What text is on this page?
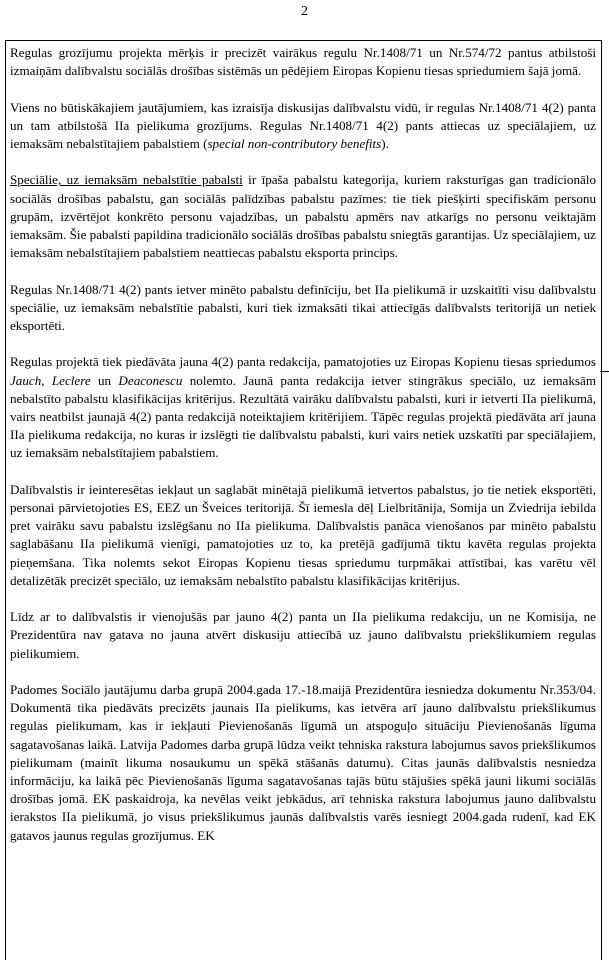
2

Regulas grozījumu projekta mērķis ir precizēt vairākus regulu Nr.1408/71 un Nr.574/72 pantus atbilstoši izmaiņām dalībvalstu sociālās drošības sistēmās un pēdējiem Eiropas Kopienu tiesas spriedumiem šajā jomā.

Viens no būtiskākajiem jautājumiem, kas izraisīja diskusijas dalībvalstu vidū, ir regulas Nr.1408/71 4(2) panta un tam atbilstošā IIa pielikuma grozījums. Regulas Nr.1408/71 4(2) pants attiecas uz speciālajiem, uz iemaksām nebalstītajiem pabalstiem (special non-contributory benefits).

Speciālie, uz iemaksām nebalstītie pabalsti ir īpaša pabalstu kategorija, kuriem raksturīgas gan tradicionālo sociālās drošības pabalstu, gan sociālās palīdzības pabalstu pazīmes: tie tiek piešķirti specifiskām personu grupām, izvērtējot konkrēto personu vajadzības, un pabalstu apmērs nav atkarīgs no personu veiktajām iemaksām. Šie pabalsti papildina tradicionālo sociālās drošības pabalstu sniegtās garantijas. Uz speciālajiem, uz iemaksām nebalstītajiem pabalstiem neattiecas pabalstu eksporta princips.

Regulas Nr.1408/71 4(2) pants ietver minēto pabalstu definīciju, bet IIa pielikumā ir uzskaitīti visu dalībvalstu speciālie, uz iemaksām nebalstītie pabalsti, kuri tiek izmaksāti tikai attiecīgās dalībvalsts teritorijā un netiek eksportēti.

Regulas projektā tiek piedāvāta jauna 4(2) panta redakcija, pamatojoties uz Eiropas Kopienu tiesas spriedumos Jauch, Leclere un Deaconescu nolemto. Jaunā panta redakcija ietver stingrākus speciālo, uz iemaksām nebalstīto pabalstu klasifikācijas kritērijus. Rezultātā vairāku dalībvalstu pabalsti, kuri ir ietverti IIa pielikumā, vairs neatbilst jaunajā 4(2) panta redakcijā noteiktajiem kritērijiem. Tāpēc regulas projektā piedāvāta arī jauna IIa pielikuma redakcija, no kuras ir izslēgti tie dalībvalstu pabalsti, kuri vairs netiek uzskatīti par speciālajiem, uz iemaksām nebalstītajiem pabalstiem.

Dalībvalstis ir ieinteresētas iekļaut un saglabāt minētajā pielikumā ietvertos pabalstus, jo tie netiek eksportēti, personai pārvietojoties ES, EEZ un Šveices teritorijā. Šī iemesla dēļ Lielbritānija, Somija un Zviedrija iebilda pret vairāku savu pabalstu izslēgšanu no IIa pielikuma. Dalībvalstis panāca vienošanos par minēto pabalstu saglabāšanu IIa pielikumā vienīgi, pamatojoties uz to, ka pretējā gadījumā tiktu kavēta regulas projekta pieņemšana. Tika nolemts sekot Eiropas Kopienu tiesas spriedumu turpmākai attīstībai, kas varētu vēl detalizētāk precizēt speciālo, uz iemaksām nebalstīto pabalstu klasifikācijas kritērijus.

Līdz ar to dalībvalstis ir vienojušās par jauno 4(2) panta un IIa pielikuma redakciju, un ne Komisija, ne Prezidentūra nav gatava no jauna atvērt diskusiju attiecībā uz jauno dalībvalstu priekšlikumiem regulas pielikumiem.

Padomes Sociālo jautājumu darba grupā 2004.gada 17.-18.maijā Prezidentūra iesniedza dokumentu Nr.353/04. Dokumentā tika piedāvāts precizēts jaunais IIa pielikums, kas ietvēra arī jauno dalībvalstu priekšlikumus regulas pielikumam, kas ir iekļauti Pievienošanās līgumā un atspoguļo situāciju Pievienošanās līguma sagatavošanas laikā. Latvija Padomes darba grupā lūdza veikt tehniska rakstura labojumus savos priekšlikumos pielikumam (mainīt likuma nosaukumu un spēkā stāšanās datumu). Citas jaunās dalībvalstis nesniedza informāciju, ka laikā pēc Pievienošanās līguma sagatavošanas tajās būtu stājušies spēkā jauni likumi sociālās drošības jomā. EK paskaidroja, ka nevēlas veikt jebkādus, arī tehniska rakstura labojumus jauno dalībvalstu ierakstos IIa pielikumā, jo visus priekšlikumus jaunās dalībvalstis varēs iesniegt 2004.gada rudenī, kad EK gatavos jaunus regulas grozījumus. EK
